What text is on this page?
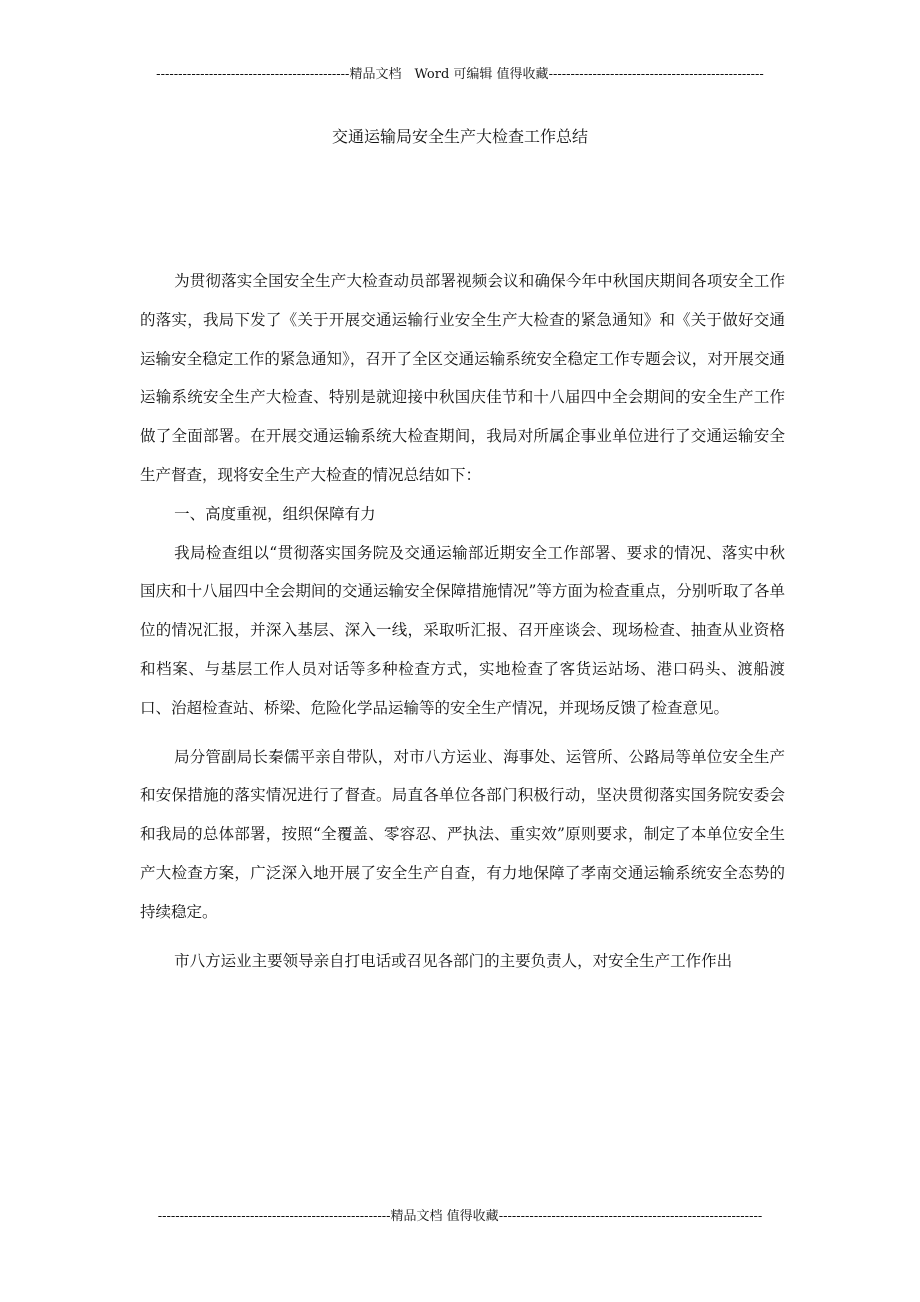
--------------------------------------------精品文档　Word 可编辑 值得收藏-------------------------------------------------
交通运输局安全生产大检查工作总结

为贯彻落实全国安全生产大检查动员部署视频会议和确保今年中秋国庆期间各项安全工作的落实，我局下发了《关于开展交通运输行业安全生产大检查的紧急通知》和《关于做好交通运输安全稳定工作的紧急通知》，召开了全区交通运输系统安全稳定工作专题会议，对开展交通运输系统安全生产大检查、特别是就迎接中秋国庆佳节和十八届四中全会期间的安全生产工作做了全面部署。在开展交通运输系统大检查期间，我局对所属企事业单位进行了交通运输安全生产督查，现将安全生产大检查的情况总结如下：

一、高度重视，组织保障有力

我局检查组以“贯彻落实国务院及交通运输部近期安全工作部署、要求的情况、落实中秋国庆和十八届四中全会期间的交通运输安全保障措施情况”等方面为检查重点，分别听取了各单位的情况汇报，并深入基层、深入一线，采取听汇报、召开座谈会、现场检查、抽查从业资格和档案、与基层工作人员对话等多种检查方式，实地检查了客货运站场、港口码头、渡船渡口、治超检查站、桥梁、危险化学品运输等的安全生产情况，并现场反馈了检查意见。

局分管副局长秦儒平亲自带队，对市八方运业、海事处、运管所、公路局等单位安全生产和安保措施的落实情况进行了督查。局直各单位各部门积极行动，坚决贯彻落实国务院安委会和我局的总体部署，按照“全覆盖、零容忍、严执法、重实效”原则要求，制定了本单位安全生产大检查方案，广泛深入地开展了安全生产自查，有力地保障了孝南交通运输系统安全态势的持续稳定。

市八方运业主要领导亲自打电话或召见各部门的主要负责人，对安全生产工作作出

-----------------------------------------------------精品文档 值得收藏------------------------------------------------------------
